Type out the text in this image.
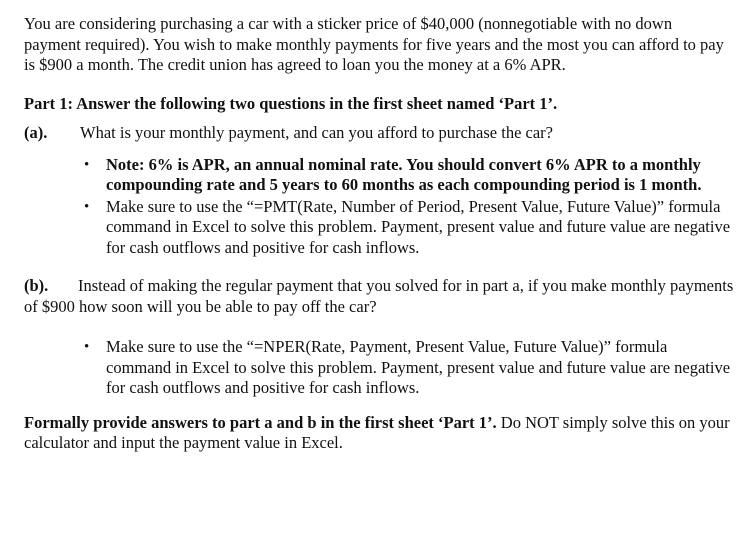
You are considering purchasing a car with a sticker price of $40,000 (nonnegotiable with no down payment required). You wish to make monthly payments for five years and the most you can afford to pay is $900 a month. The credit union has agreed to loan you the money at a 6% APR.

Part 1: Answer the following two questions in the first sheet named ‘Part 1’.

(a).	What is your monthly payment, and can you afford to purchase the car?
• Note: 6% is APR, an annual nominal rate. You should convert 6% APR to a monthly compounding rate and 5 years to 60 months as each compounding period is 1 month.
• Make sure to use the “=PMT(Rate, Number of Period, Present Value, Future Value)” formula command in Excel to solve this problem. Payment, present value and future value are negative for cash outflows and positive for cash inflows.

(b). Instead of making the regular payment that you solved for in part a, if you make monthly payments of $900 how soon will you be able to pay off the car?

• Make sure to use the “=NPER(Rate, Payment, Present Value, Future Value)” formula command in Excel to solve this problem. Payment, present value and future value are negative for cash outflows and positive for cash inflows.

Formally provide answers to part a and b in the first sheet ‘Part 1’. Do NOT simply solve this on your calculator and input the payment value in Excel.
